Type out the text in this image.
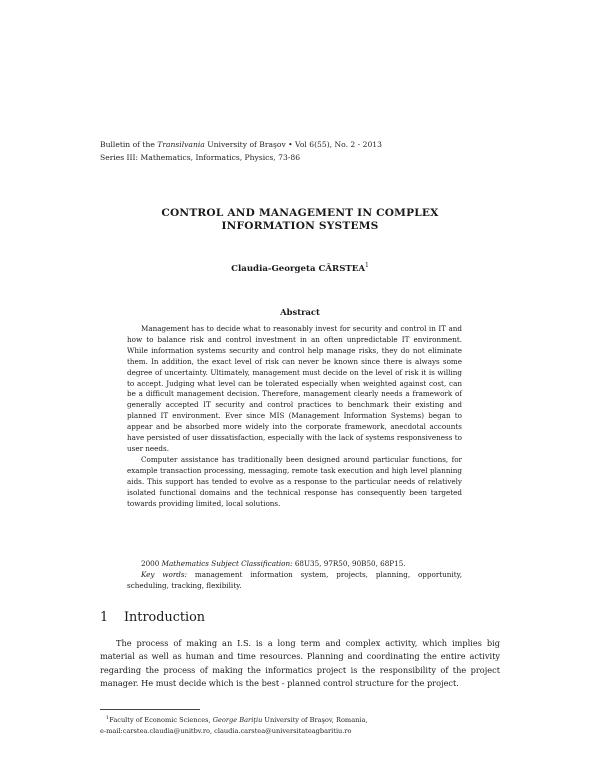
Bulletin of the Transilvania University of Braşov • Vol 6(55), No. 2 - 2013
Series III: Mathematics, Informatics, Physics, 73-86
CONTROL AND MANAGEMENT IN COMPLEX
INFORMATION SYSTEMS
Claudia-Georgeta CÂRSTEA$^1$
Abstract

Management has to decide what to reasonably invest for security and control in IT and how to balance risk and control investment in an often unpredictable IT environment. While information systems security and control help manage risks, they do not eliminate them. In addition, the exact level of risk can never be known since there is always some degree of uncertainty. Ultimately, management must decide on the level of risk it is willing to accept. Judging what level can be tolerated especially when weighted against cost, can be a difficult management decision. Therefore, management clearly needs a framework of generally accepted IT security and control practices to benchmark their existing and planned IT environment. Ever since MIS (Management Information Systems) began to appear and be absorbed more widely into the corporate framework, anecdotal accounts have persisted of user dissatisfaction, especially with the lack of systems responsiveness to user needs.

Computer assistance has traditionally been designed around particular functions, for example transaction processing, messaging, remote task execution and high level planning aids. This support has tended to evolve as a response to the particular needs of relatively isolated functional domains and the technical response has consequently been targeted towards providing limited, local solutions.

2000 Mathematics Subject Classification: 68U35, 97R50, 90B50, 68P15.

Key words: management information system, projects, planning, opportunity, scheduling, tracking, flexibility.

1 Introduction

The process of making an I.S. is a long term and complex activity, which implies big material as well as human and time resources. Planning and coordinating the entire activity regarding the process of making the informatics project is the responsibility of the project manager. He must decide which is the best - planned control structure for the project.

$^1$Faculty of Economic Sciences, George Bariţiu University of Braşov, Romania,

e-mail:carstea.claudia@unitbv.ro, claudia.carstea@universitateagbaritiu.ro
